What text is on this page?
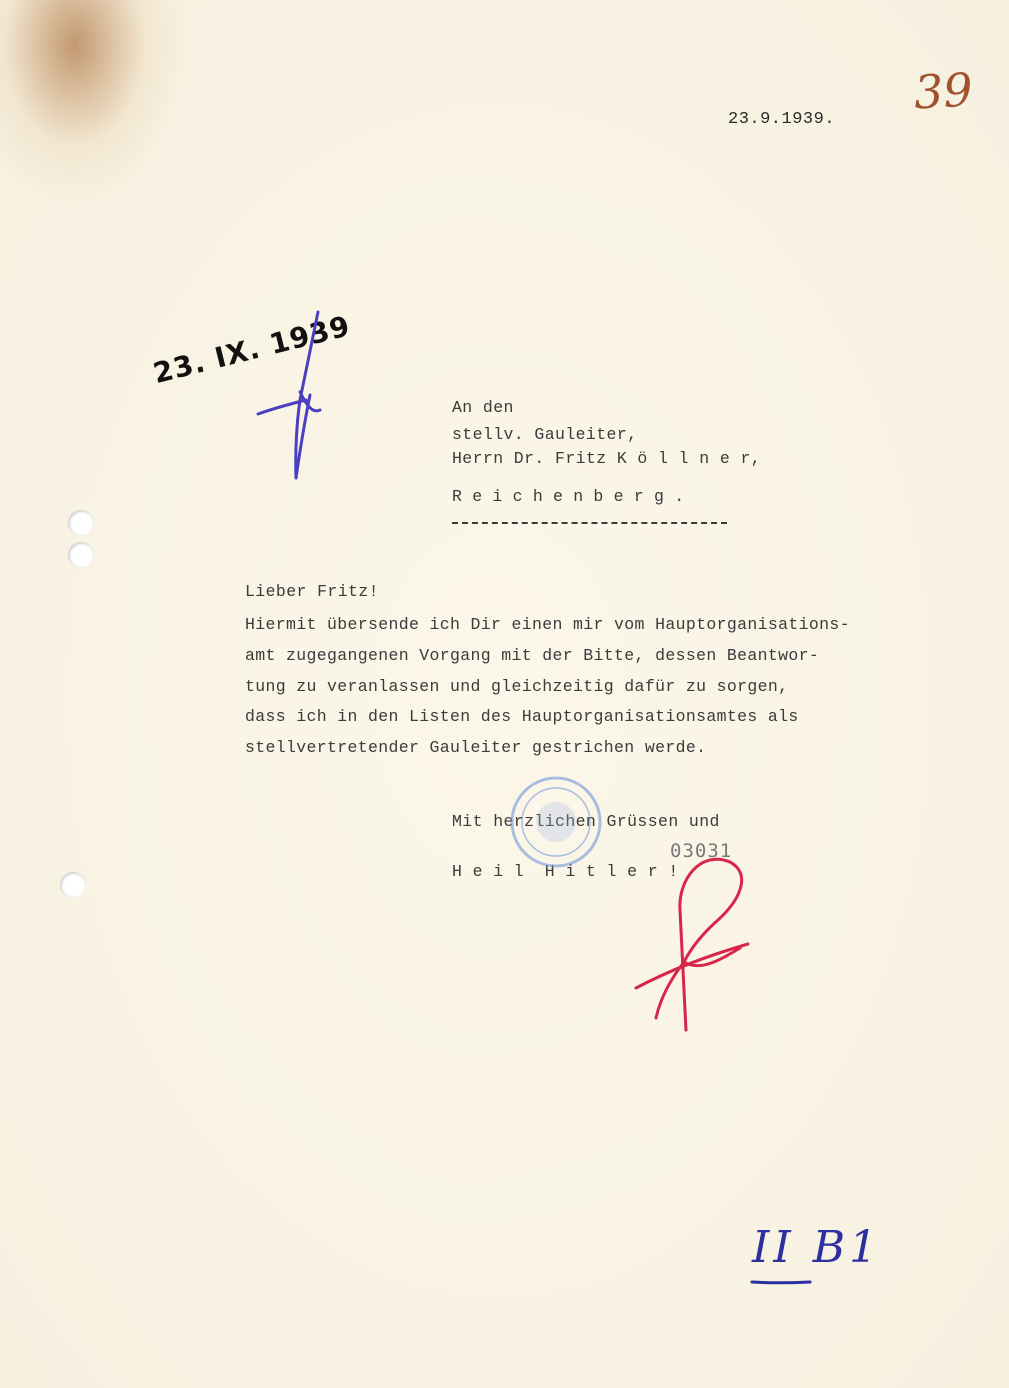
39

23.9.1939.

23. IX. 1939

An den

stellv. Gauleiter,

Herrn Dr. Fritz K ö l l n e r,

R e i c h e n b e r g .

Lieber Fritz!

Hiermit übersende ich Dir einen mir vom Hauptorganisations-

amt zugegangenen Vorgang mit der Bitte, dessen Beantwor-

tung zu veranlassen und gleichzeitig dafür zu sorgen,

dass ich in den Listen des Hauptorganisationsamtes als

stellvertretender Gauleiter gestrichen werde.

Mit herzlichen Grüssen und

03031

H e i l  H i t l e r !

II B1
